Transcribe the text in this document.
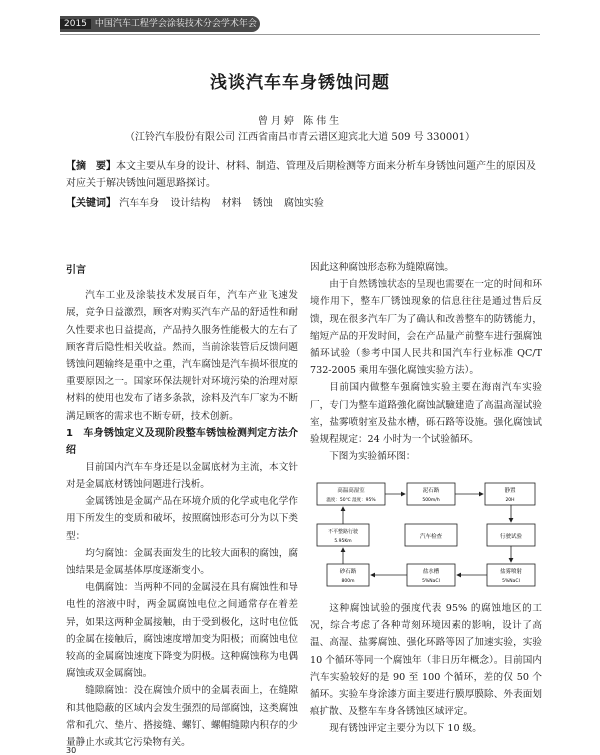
2015 中国汽车工程学会涂装技术分会学术年会
浅谈汽车车身锈蚀问题
曾月婷 陈伟生
（江铃汽车股份有限公司 江西省南昌市青云谱区迎宾北大道 509 号 330001）
【摘　要】本文主要从车身的设计、材料、制造、管理及后期检测等方面来分析车身锈蚀问题产生的原因及对应关于解决锈蚀问题思路探讨。
【关键词】 汽车车身 设计结构 材料 锈蚀 腐蚀实验
引言

汽车工业及涂装技术发展百年，汽车产业飞速发展，竞争日益激烈，顾客对购买汽车产品的舒适性和耐久性要求也日益提高，产品持久服务性能极大的左右了顾客背后隐性相关收益。然而，当前涂装管后反馈问题锈蚀问题输终是重中之重，汽车腐蚀是汽车损坏很度的重要原因之一。国家环保法规针对环境污染的治理对原材料的使用也发布了诸多条款，涂料及汽车厂家为不断满足顾客的需求也不断专研，技术创新。

1　车身锈蚀定义及现阶段整车锈蚀检测判定方法介绍

目前国内汽车车身还是以金属底材为主流，本文针对是金属底材锈蚀问题进行浅析。

金属锈蚀是金属产品在环境介质的化学或电化学作用下所发生的变质和破坏，按照腐蚀形态可分为以下类型：

均匀腐蚀：金属表面发生的比较大面积的腐蚀，腐蚀结果是金属基体厚度逐渐变小。

电偶腐蚀：当两种不同的金属浸在具有腐蚀性和导电性的溶液中时，两金属腐蚀电位之间通常存在着差异，如果这两种金属接触，由于受到极化，这时电位低的金属在接触后，腐蚀速度增加变为阳极；而腐蚀电位较高的金属腐蚀速度下降变为阴极。这种腐蚀称为电偶腐蚀或双金属腐蚀。

缝隙腐蚀：没在腐蚀介质中的金属表面上，在缝隙和其他隐蔽的区域内会发生强烈的局部腐蚀，这类腐蚀常和孔穴、垫片、搭接缝、螺钉、螺帽缝隙内积存的少量静止水或其它污染物有关。

因此这种腐蚀形态称为缝隙腐蚀。

由于自然锈蚀状态的呈现也需要在一定的时间和环境作用下，整车厂锈蚀现象的信息往往是通过售后反馈，现在很多汽车厂为了确认和改善整车的防锈能力，缩短产品的开发时间，会在产品量产前整车进行强腐蚀循环试验（参考中国人民共和国汽车行业标准 QC/T 732-2005 乘用车强化腐蚀实验方法）。

目前国内做整车强腐蚀实验主要在海南汽车实验厂，专门为整车道路強化腐蚀試驗建造了高温高湿试验室，盐雾喷射室及盐水槽，砾石路等设施。强化腐蚀试验规程规定：24 小时为一个试验循环。

下图为实验循环图：

高温高湿室
温度：50℃ 湿度：95%
泥石路
500m/h
静置
20H
不平整路行驶
5.95Km
汽车检查	行驶试验
砂石路
800m
盐水槽
5%NaCl
盐雾喷射
5%NaCl

这种腐蚀试验的强度代表 95% 的腐蚀地区的工况，综合考虑了各种苛刻环境因素的影响，设计了高温、高湿、盐雾腐蚀、强化环路等因了加速实验，实验 10 个循环等同一个腐蚀年（非日历年概念）。目前国内汽车实验较好的是 90 至 100 个循环，差的仅 50 个循环。实验车身涂漆方面主要进行膜厚膜除、外表面划痕扩散、及整车车身各锈蚀区域评定。

现有锈蚀评定主要分为以下 10 级。

30
